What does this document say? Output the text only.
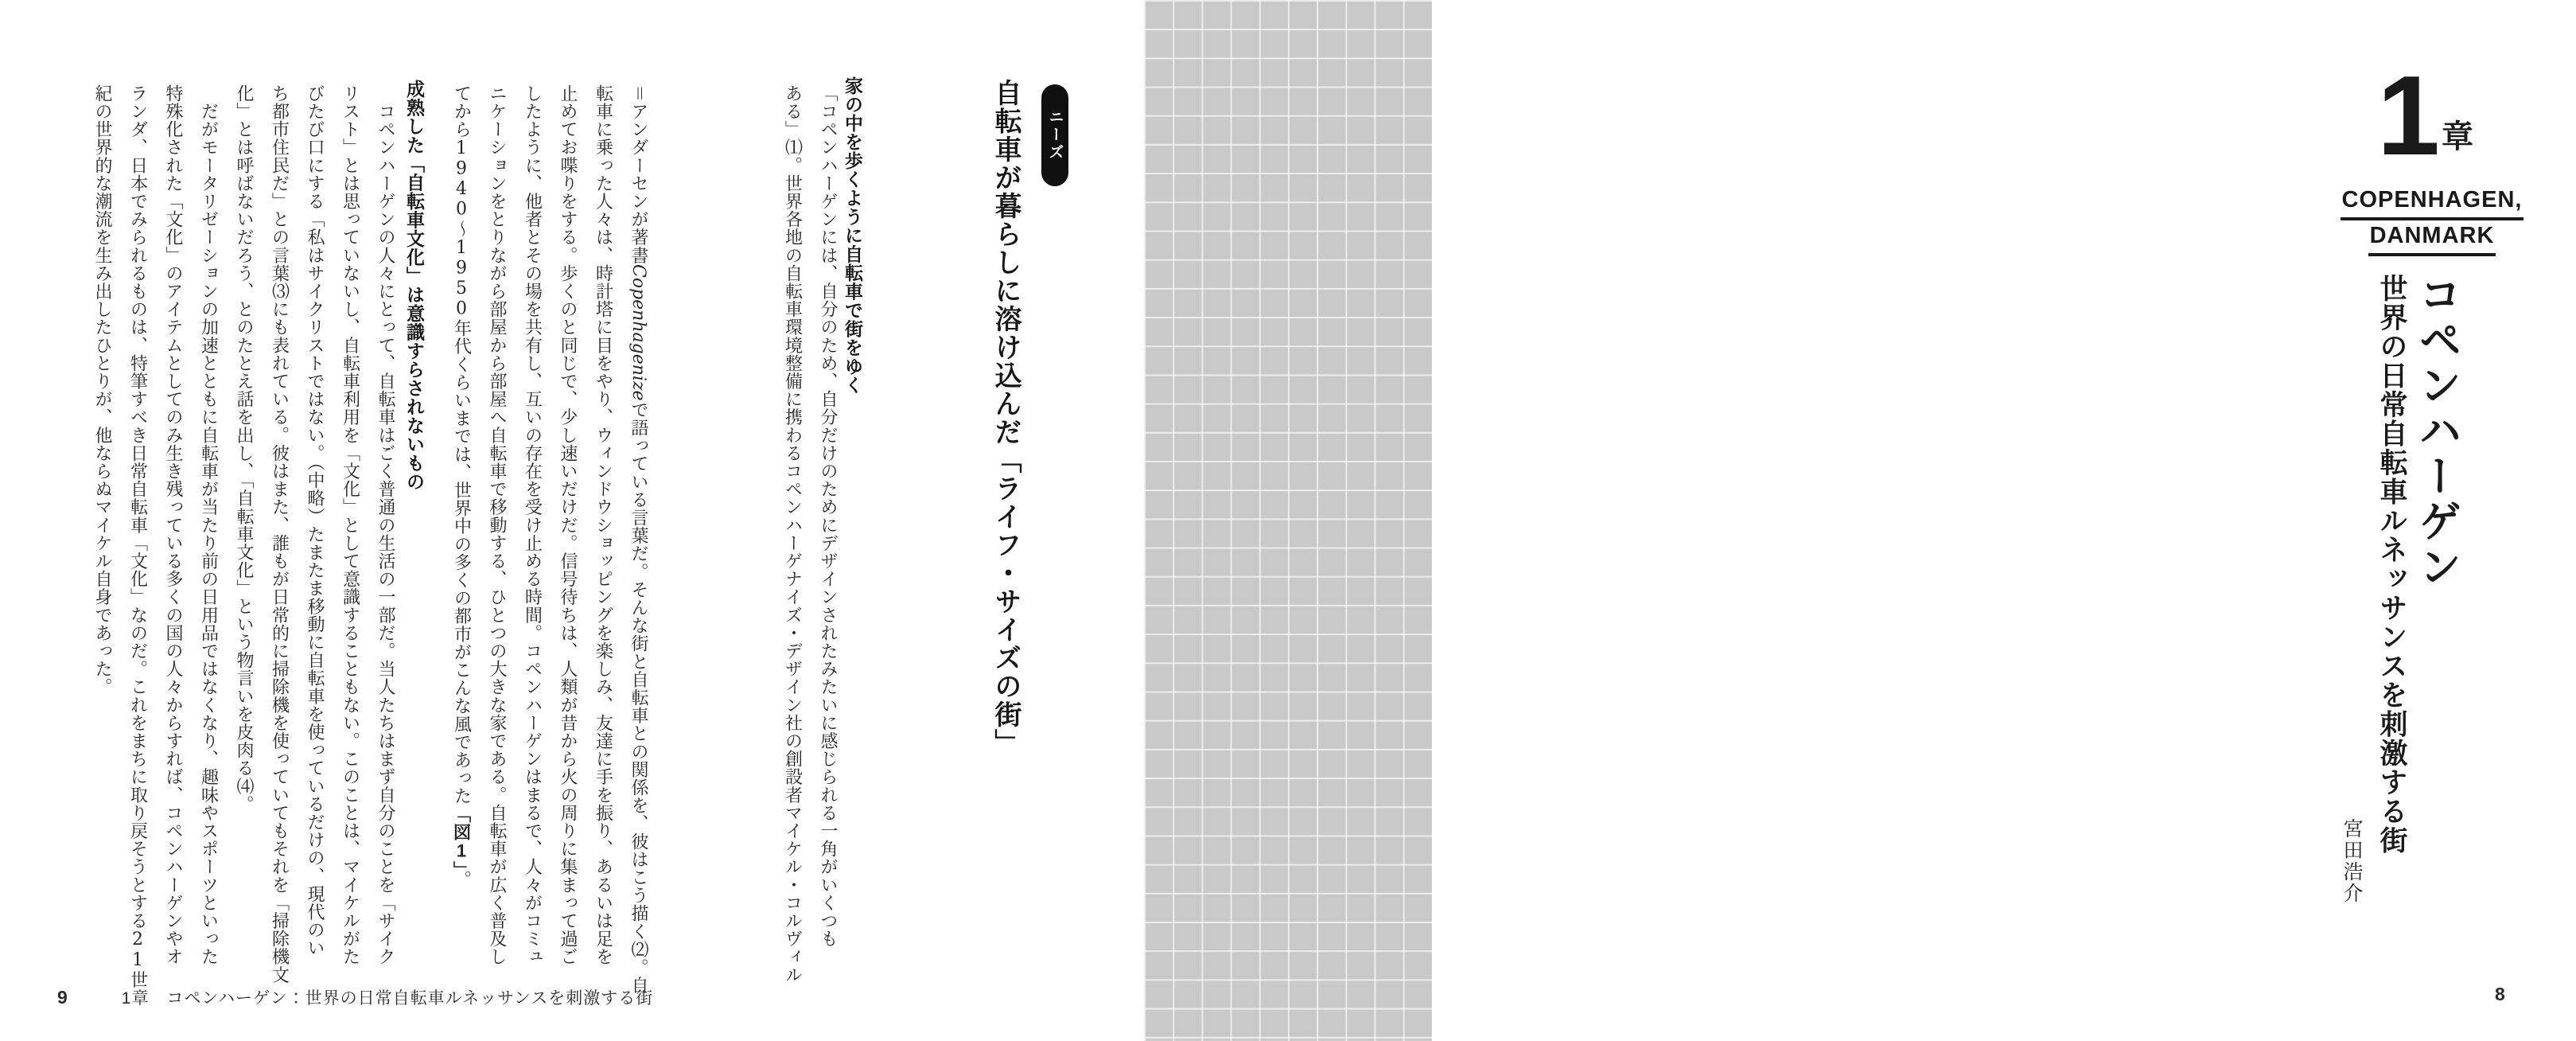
1 章
COPENHAGEN,
DANMARK
コペンハーゲン
世界の日常自転車ルネッサンスを刺激する街
宮田浩介
8
ニーズ
自転車が暮らしに溶け込んだ「ライフ・サイズの街」
家の中を歩くように自転車で街をゆく
「コペンハーゲンには、自分のため、自分だけのためにデザインされたみたいに感じられる一角がいくつも
ある」⑴。世界各地の自転車環境整備に携わるコペンハーゲナイズ・デザイン社の創設者マイケル・コルヴィル
＝アンダーセンが著書Copenhagenizeで語っている言葉だ。そんな街と自転車との関係を、彼はこう描く⑵。自
転車に乗った人々は、時計塔に目をやり、ウィンドウショッピングを楽しみ、友達に手を振り、あるいは足を
止めてお喋りをする。歩くのと同じで、少し速いだけだ。信号待ちは、人類が昔から火の周りに集まって過ご
したように、他者とその場を共有し、互いの存在を受け止める時間。コペンハーゲンはまるで、人々がコミュ
ニケーションをとりながら部屋から部屋へ自転車で移動する、ひとつの大きな家である。自転車が広く普及し
てから1940〜1950年代くらいまでは、世界中の多くの都市がこんな風であった「図1」。
成熟した「自転車文化」は意識すらされないもの
　コペンハーゲンの人々にとって、自転車はごく普通の生活の一部だ。当人たちはまず自分のことを「サイク
リスト」とは思っていないし、自転車利用を「文化」として意識することもない。このことは、マイケルがた
びたび口にする「私はサイクリストではない。（中略）たまたま移動に自転車を使っているだけの、現代のい
ち都市住民だ」との言葉⑶にも表れている。彼はまた、誰もが日常的に掃除機を使っていてもそれを「掃除機文
化」とは呼ばないだろう、とのたとえ話を出し、「自転車文化」という物言いを皮肉る⑷。
　だがモータリゼーションの加速とともに自転車が当たり前の日用品ではなくなり、趣味やスポーツといった
特殊化された「文化」のアイテムとしてのみ生き残っている多くの国の人々からすれば、コペンハーゲンやオ
ランダ、日本でみられるものは、特筆すべき日常自転車「文化」なのだ。これをまちに取り戻そうとする21世
紀の世界的な潮流を生み出したひとりが、他ならぬマイケル自身であった。
9	1章　コペンハーゲン：世界の日常自転車ルネッサンスを刺激する街
